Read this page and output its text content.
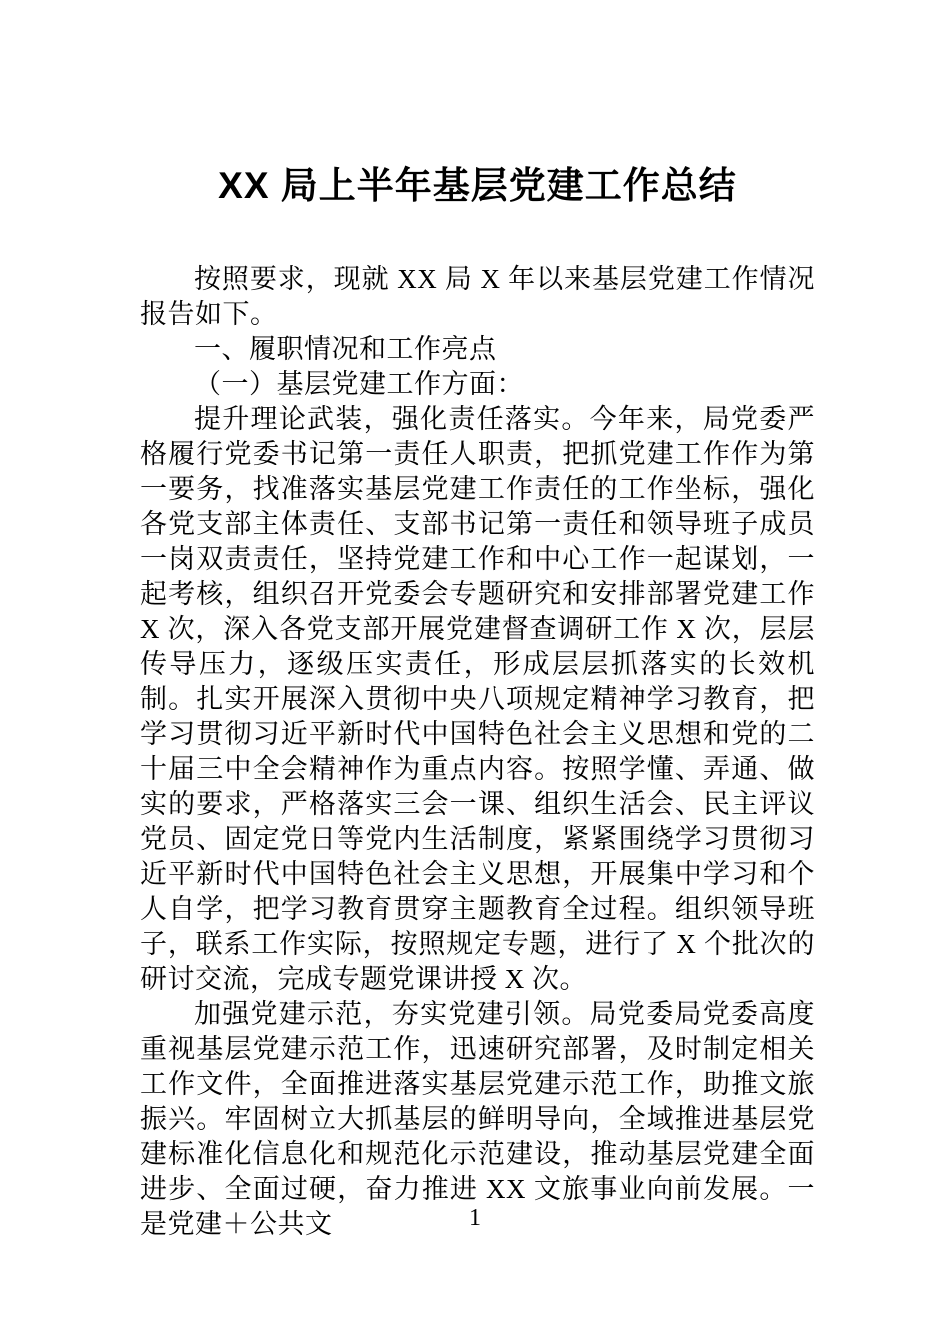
XX 局上半年基层党建工作总结

按照要求，现就 XX 局 X 年以来基层党建工作情况报告如下。

一、履职情况和工作亮点

（一）基层党建工作方面：

提升理论武装，强化责任落实。今年来，局党委严格履行党委书记第一责任人职责，把抓党建工作作为第一要务，找准落实基层党建工作责任的工作坐标，强化各党支部主体责任、支部书记第一责任和领导班子成员一岗双责责任，坚持党建工作和中心工作一起谋划，一起考核，组织召开党委会专题研究和安排部署党建工作 X 次，深入各党支部开展党建督查调研工作 X 次，层层传导压力，逐级压实责任，形成层层抓落实的长效机制。扎实开展深入贯彻中央八项规定精神学习教育，把学习贯彻习近平新时代中国特色社会主义思想和党的二十届三中全会精神作为重点内容。按照学懂、弄通、做实的要求，严格落实三会一课、组织生活会、民主评议党员、固定党日等党内生活制度，紧紧围绕学习贯彻习近平新时代中国特色社会主义思想，开展集中学习和个人自学，把学习教育贯穿主题教育全过程。组织领导班子，联系工作实际，按照规定专题，进行了 X 个批次的研讨交流，完成专题党课讲授 X 次。

加强党建示范，夯实党建引领。局党委局党委高度重视基层党建示范工作，迅速研究部署，及时制定相关工作文件，全面推进落实基层党建示范工作，助推文旅振兴。牢固树立大抓基层的鲜明导向，全域推进基层党建标准化信息化和规范化示范建设，推动基层党建全面进步、全面过硬，奋力推进 XX 文旅事业向前发展。一是党建＋公共文	1
